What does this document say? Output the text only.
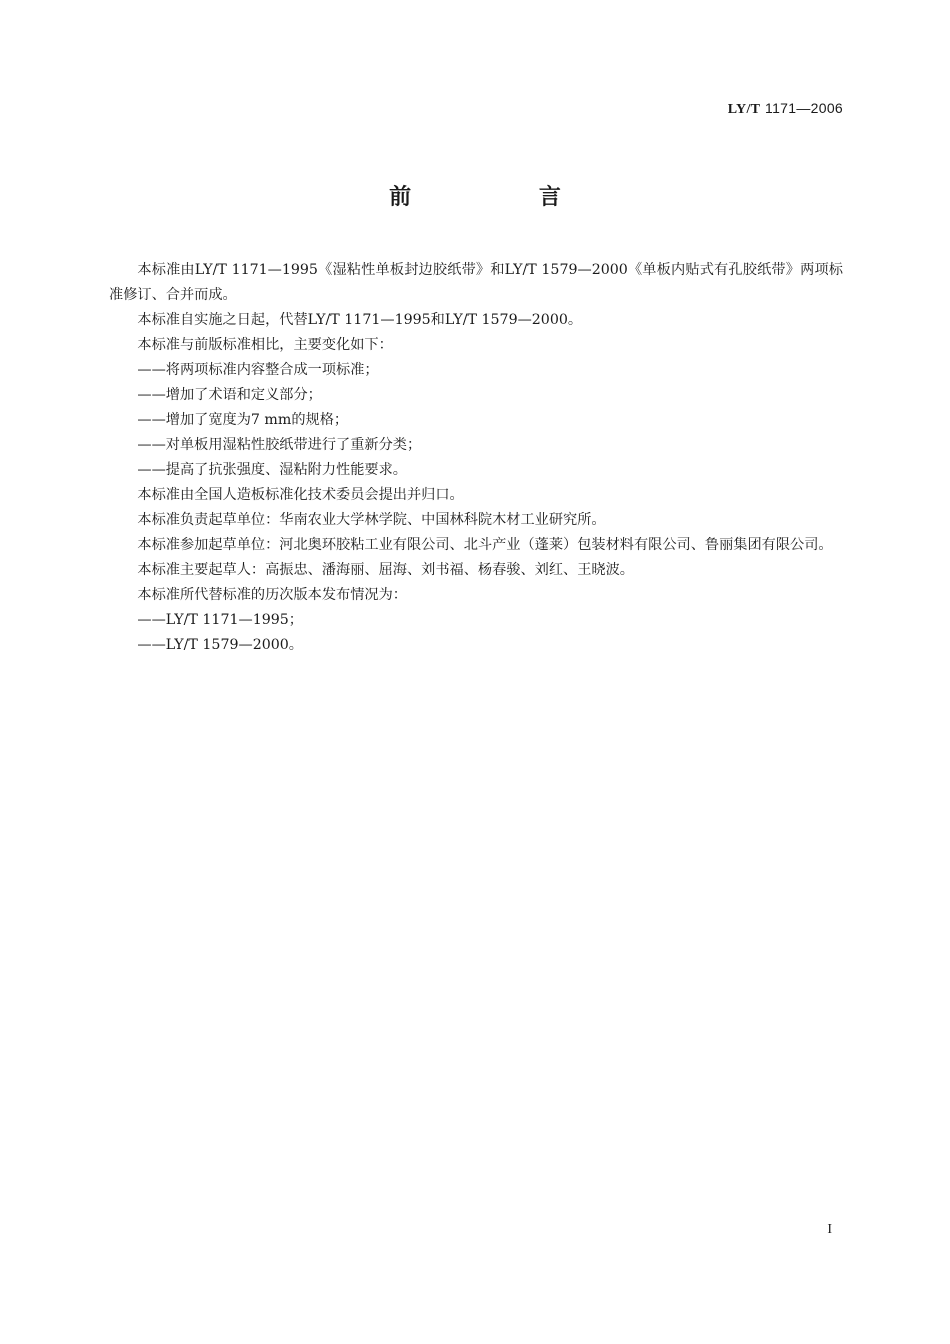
LY/T 1171—2006
前 言

本标准由LY/T 1171—1995《湿粘性单板封边胶纸带》和LY/T 1579—2000《单板内贴式有孔胶纸带》两项标准修订、合并而成。

本标准自实施之日起，代替LY/T 1171—1995和LY/T 1579—2000。

本标准与前版标准相比，主要变化如下：

——将两项标准内容整合成一项标准；

——增加了术语和定义部分；

——增加了宽度为7 mm的规格；

——对单板用湿粘性胶纸带进行了重新分类；

——提高了抗张强度、湿粘附力性能要求。

本标准由全国人造板标准化技术委员会提出并归口。

本标准负责起草单位：华南农业大学林学院、中国林科院木材工业研究所。

本标准参加起草单位：河北奥环胶粘工业有限公司、北斗产业（蓬莱）包装材料有限公司、鲁丽集团有限公司。

本标准主要起草人：高振忠、潘海丽、屈海、刘书福、杨春骏、刘红、王晓波。

本标准所代替标准的历次版本发布情况为：

——LY/T 1171—1995；

——LY/T 1579—2000。

I
